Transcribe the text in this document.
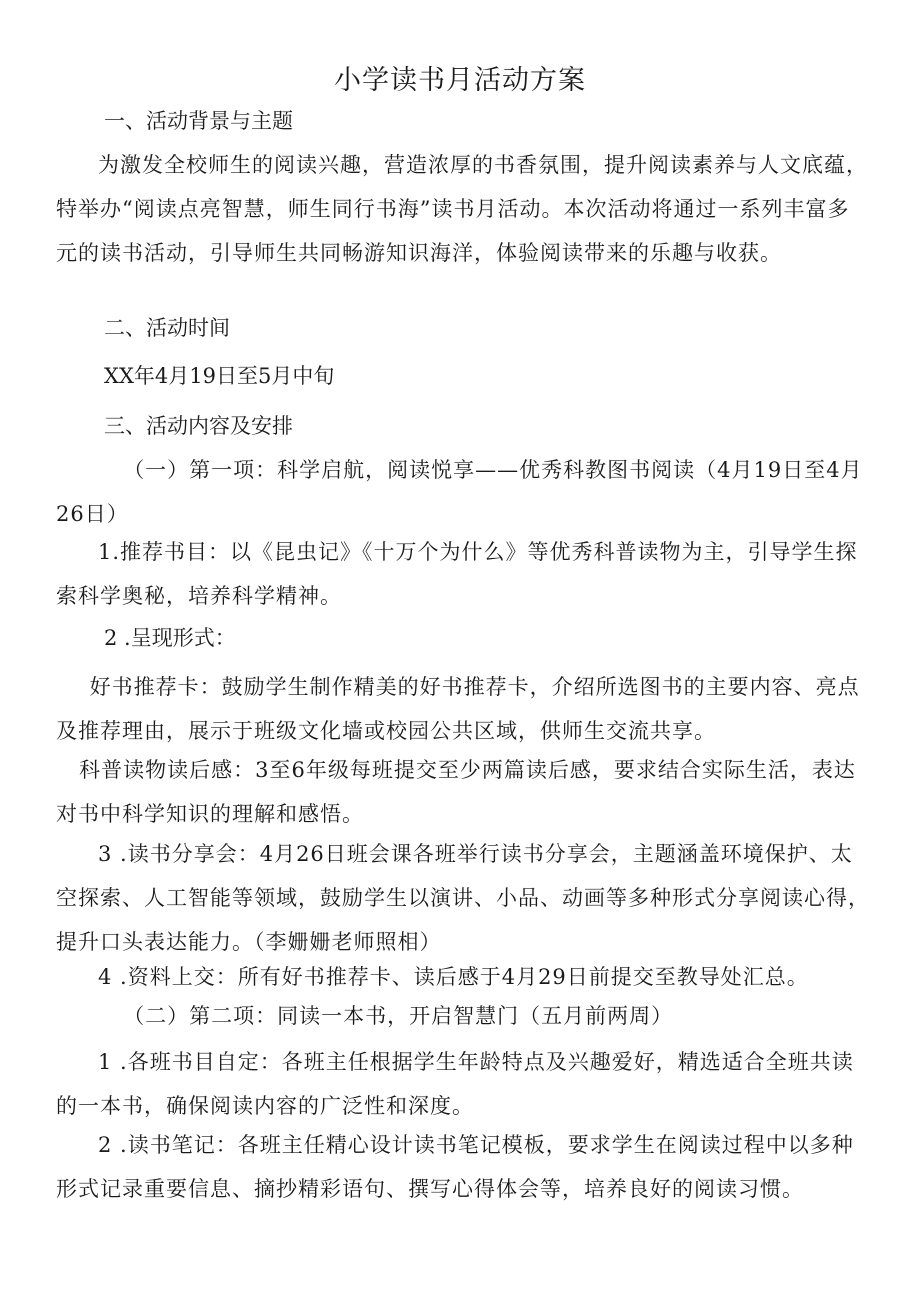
小学读书月活动方案
一、活动背景与主题
为激发全校师生的阅读兴趣，营造浓厚的书香氛围，提升阅读素养与人文底蕴，特举办“阅读点亮智慧，师生同行书海”读书月活动。本次活动将通过一系列丰富多元的读书活动，引导师生共同畅游知识海洋，体验阅读带来的乐趣与收获。
二、活动时间
XX年4月19日至5月中旬
三、活动内容及安排
（一）第一项：科学启航，阅读悦享——优秀科教图书阅读（4月19日至4月26日）
1.推荐书目：以《昆虫记》《十万个为什么》等优秀科普读物为主，引导学生探索科学奥秘，培养科学精神。
2 .呈现形式：
好书推荐卡：鼓励学生制作精美的好书推荐卡，介绍所选图书的主要内容、亮点及推荐理由，展示于班级文化墙或校园公共区域，供师生交流共享。
科普读物读后感：3至6年级每班提交至少两篇读后感，要求结合实际生活，表达对书中科学知识的理解和感悟。
3 .读书分享会：4月26日班会课各班举行读书分享会，主题涵盖环境保护、太空探索、人工智能等领域，鼓励学生以演讲、小品、动画等多种形式分享阅读心得，提升口头表达能力。（李姗姗老师照相）
4 .资料上交：所有好书推荐卡、读后感于4月29日前提交至教导处汇总。
（二）第二项：同读一本书，开启智慧门（五月前两周）
1 .各班书目自定：各班主任根据学生年龄特点及兴趣爱好，精选适合全班共读的一本书，确保阅读内容的广泛性和深度。
2 .读书笔记：各班主任精心设计读书笔记模板，要求学生在阅读过程中以多种形式记录重要信息、摘抄精彩语句、撰写心得体会等，培养良好的阅读习惯。
